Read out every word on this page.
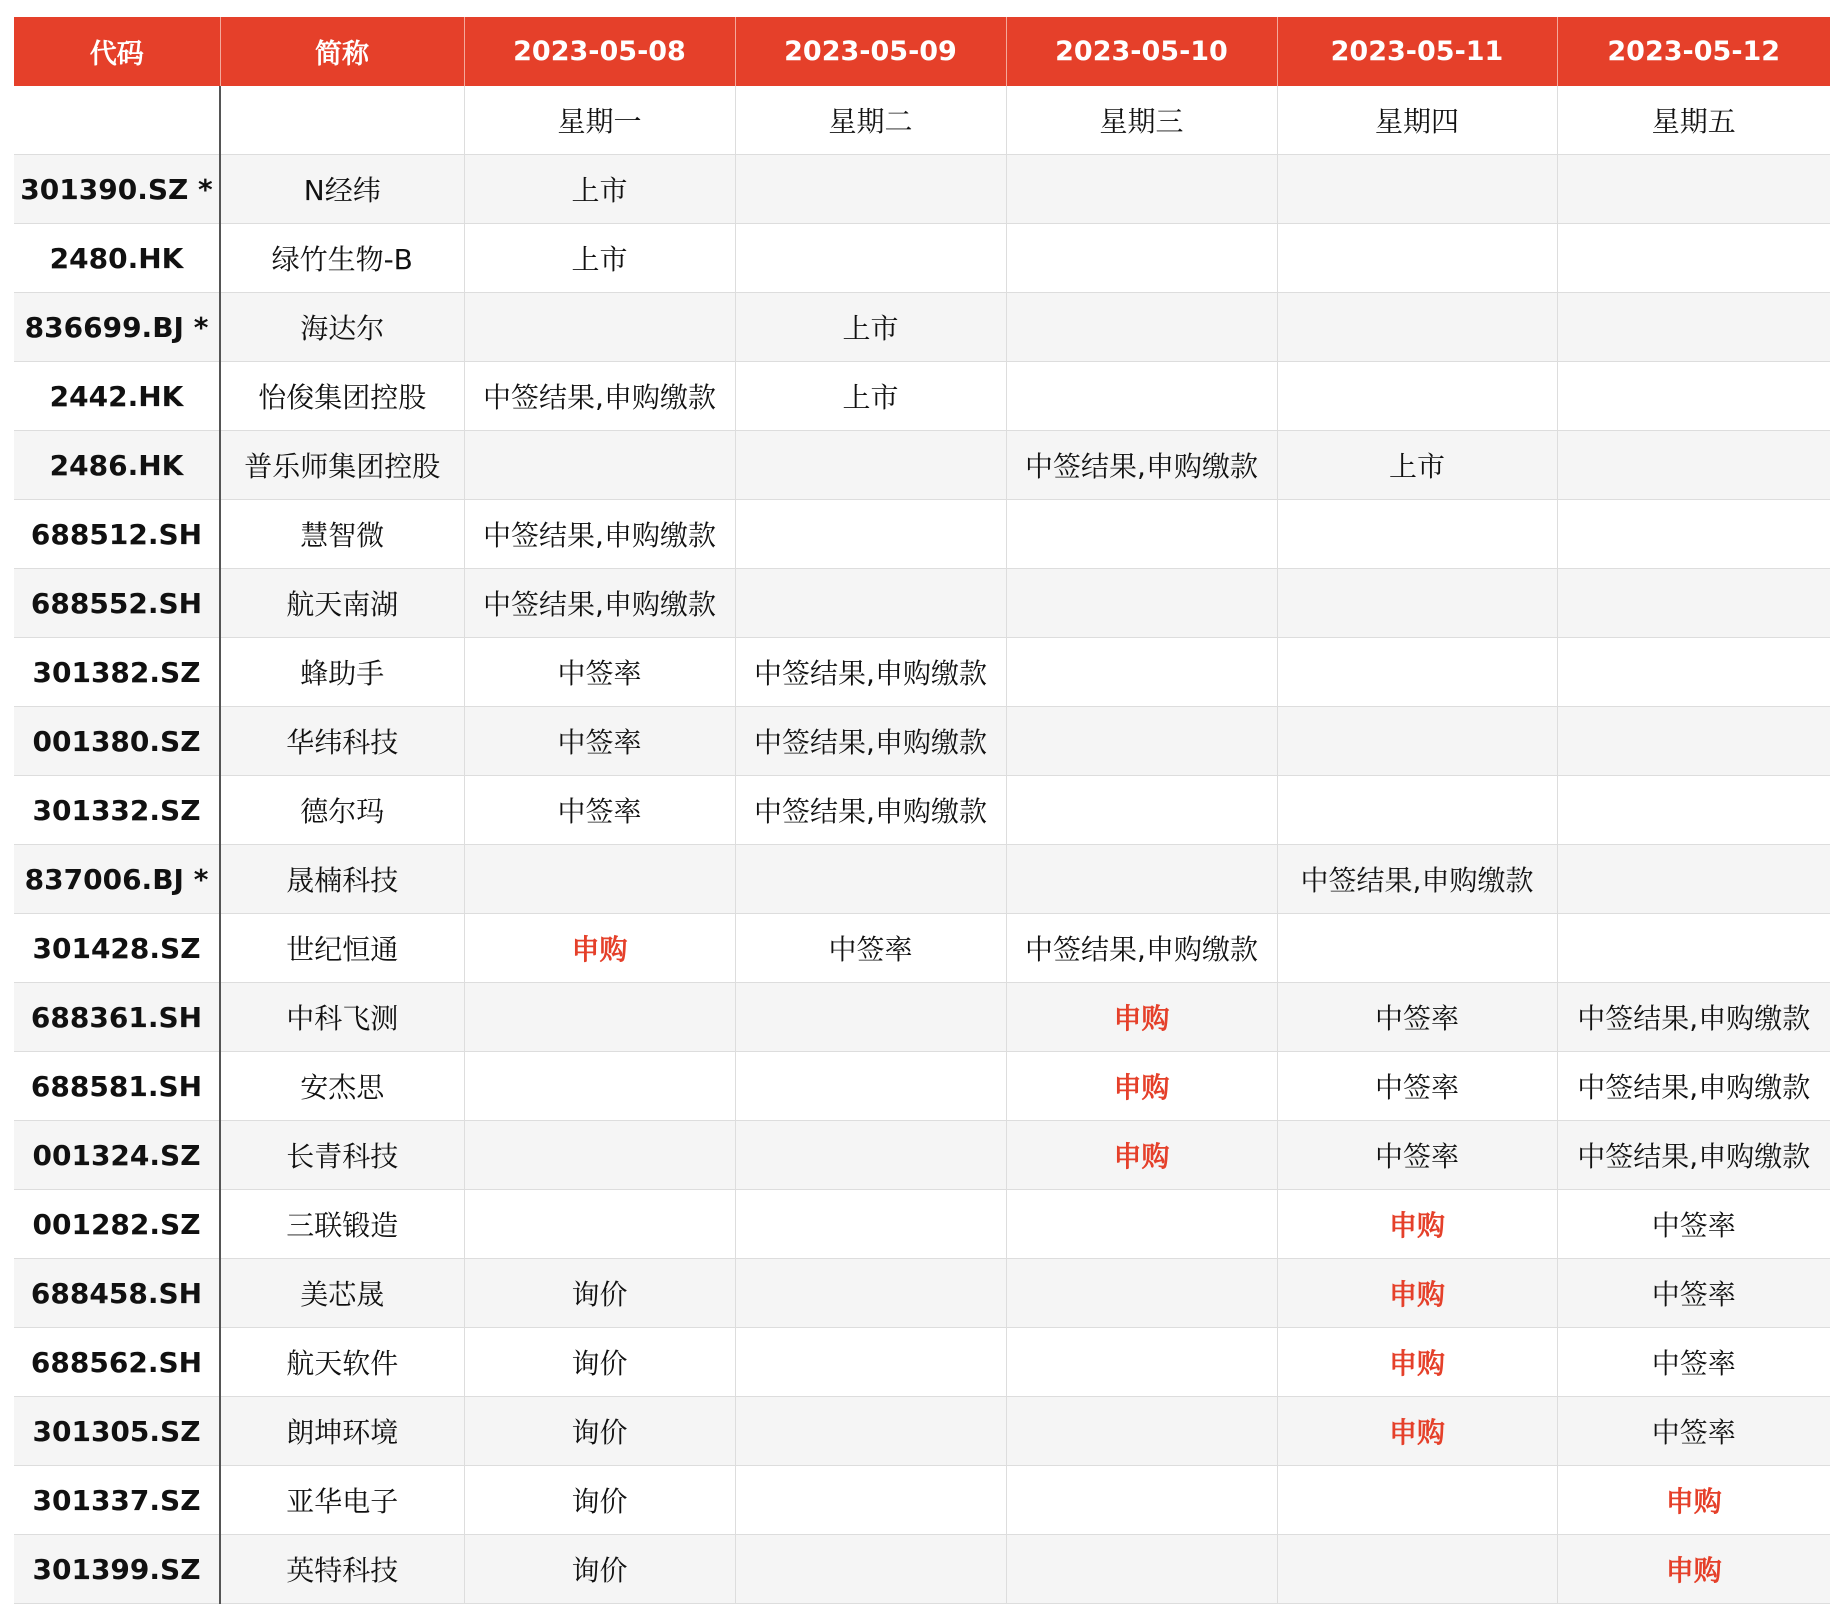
代码	简称	2023-05-08	2023-05-09	2023-05-10	2023-05-11	2023-05-12
		星期一	星期二	星期三	星期四	星期五
301390.SZ *	N经纬	上市				
2480.HK	绿竹生物-B	上市				
836699.BJ *	海达尔		上市			
2442.HK	怡俊集团控股	中签结果,申购缴款	上市			
2486.HK	普乐师集团控股			中签结果,申购缴款	上市	
688512.SH	慧智微	中签结果,申购缴款				
688552.SH	航天南湖	中签结果,申购缴款				
301382.SZ	蜂助手	中签率	中签结果,申购缴款			
001380.SZ	华纬科技	中签率	中签结果,申购缴款			
301332.SZ	德尔玛	中签率	中签结果,申购缴款			
837006.BJ *	晟楠科技				中签结果,申购缴款	
301428.SZ	世纪恒通	申购	中签率	中签结果,申购缴款		
688361.SH	中科飞测			申购	中签率	中签结果,申购缴款
688581.SH	安杰思			申购	中签率	中签结果,申购缴款
001324.SZ	长青科技			申购	中签率	中签结果,申购缴款
001282.SZ	三联锻造				申购	中签率
688458.SH	美芯晟	询价			申购	中签率
688562.SH	航天软件	询价			申购	中签率
301305.SZ	朗坤环境	询价			申购	中签率
301337.SZ	亚华电子	询价				申购
301399.SZ	英特科技	询价				申购
